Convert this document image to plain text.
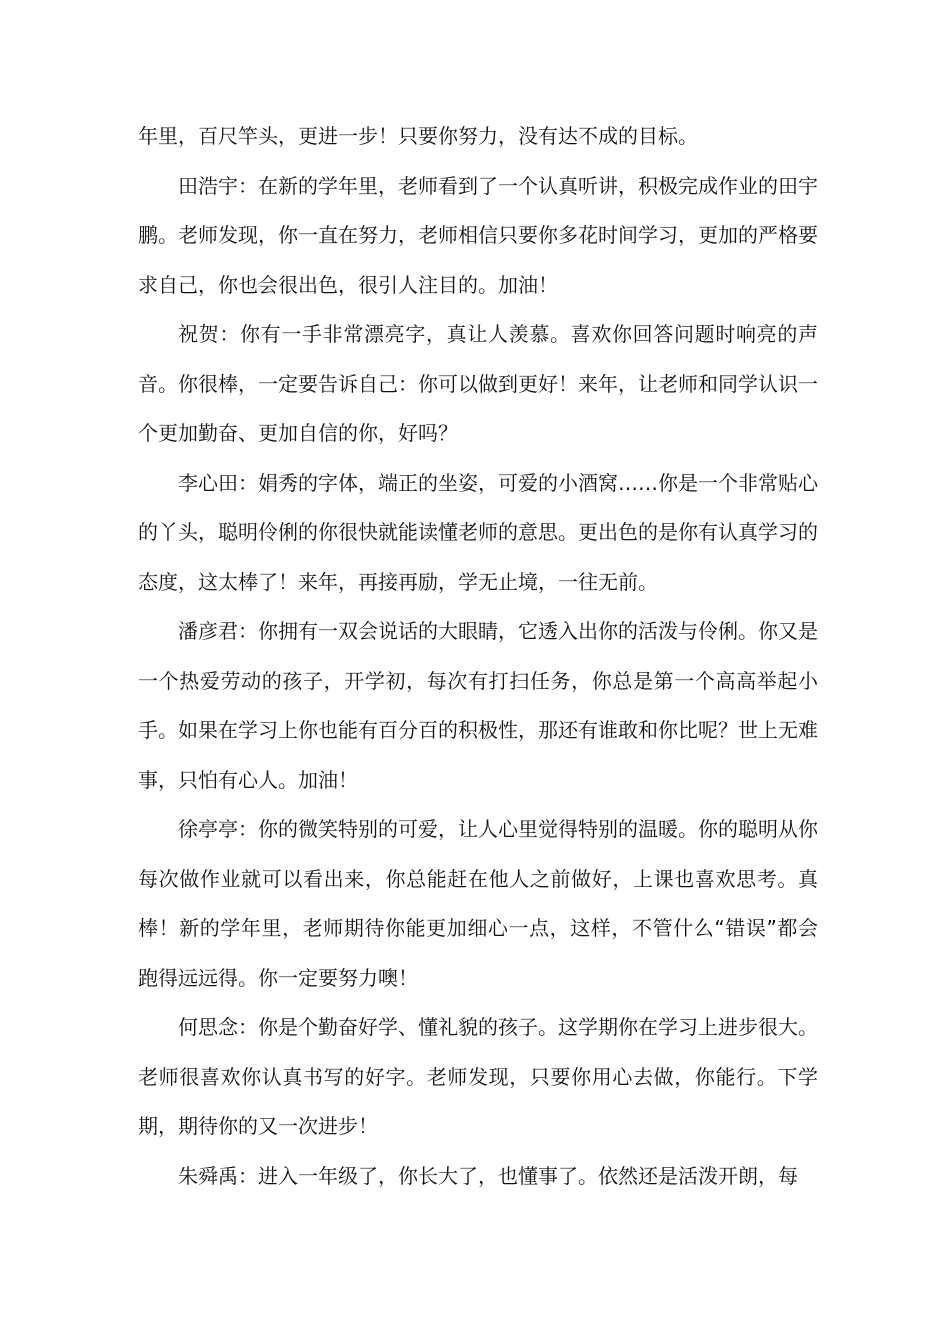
年里，百尺竿头，更进一步！只要你努力，没有达不成的目标。

田浩宇：在新的学年里，老师看到了一个认真听讲，积极完成作业的田宇鹏。老师发现，你一直在努力，老师相信只要你多花时间学习，更加的严格要求自己，你也会很出色，很引人注目的。加油！

祝贺：你有一手非常漂亮字，真让人羡慕。喜欢你回答问题时响亮的声音。你很棒，一定要告诉自己：你可以做到更好！来年，让老师和同学认识一个更加勤奋、更加自信的你，好吗？

李心田：娟秀的字体，端正的坐姿，可爱的小酒窝……你是一个非常贴心的丫头，聪明伶俐的你很快就能读懂老师的意思。更出色的是你有认真学习的态度，这太棒了！来年，再接再励，学无止境，一往无前。

潘彦君：你拥有一双会说话的大眼睛，它透入出你的活泼与伶俐。你又是一个热爱劳动的孩子，开学初，每次有打扫任务，你总是第一个高高举起小手。如果在学习上你也能有百分百的积极性，那还有谁敢和你比呢？世上无难事，只怕有心人。加油！

徐亭亭：你的微笑特别的可爱，让人心里觉得特别的温暖。你的聪明从你每次做作业就可以看出来，你总能赶在他人之前做好，上课也喜欢思考。真棒！新的学年里，老师期待你能更加细心一点，这样，不管什么“错误”都会跑得远远得。你一定要努力噢！

何思念：你是个勤奋好学、懂礼貌的孩子。这学期你在学习上进步很大。老师很喜欢你认真书写的好字。老师发现，只要你用心去做，你能行。下学期，期待你的又一次进步！

朱舜禹：进入一年级了，你长大了，也懂事了。依然还是活泼开朗，每
